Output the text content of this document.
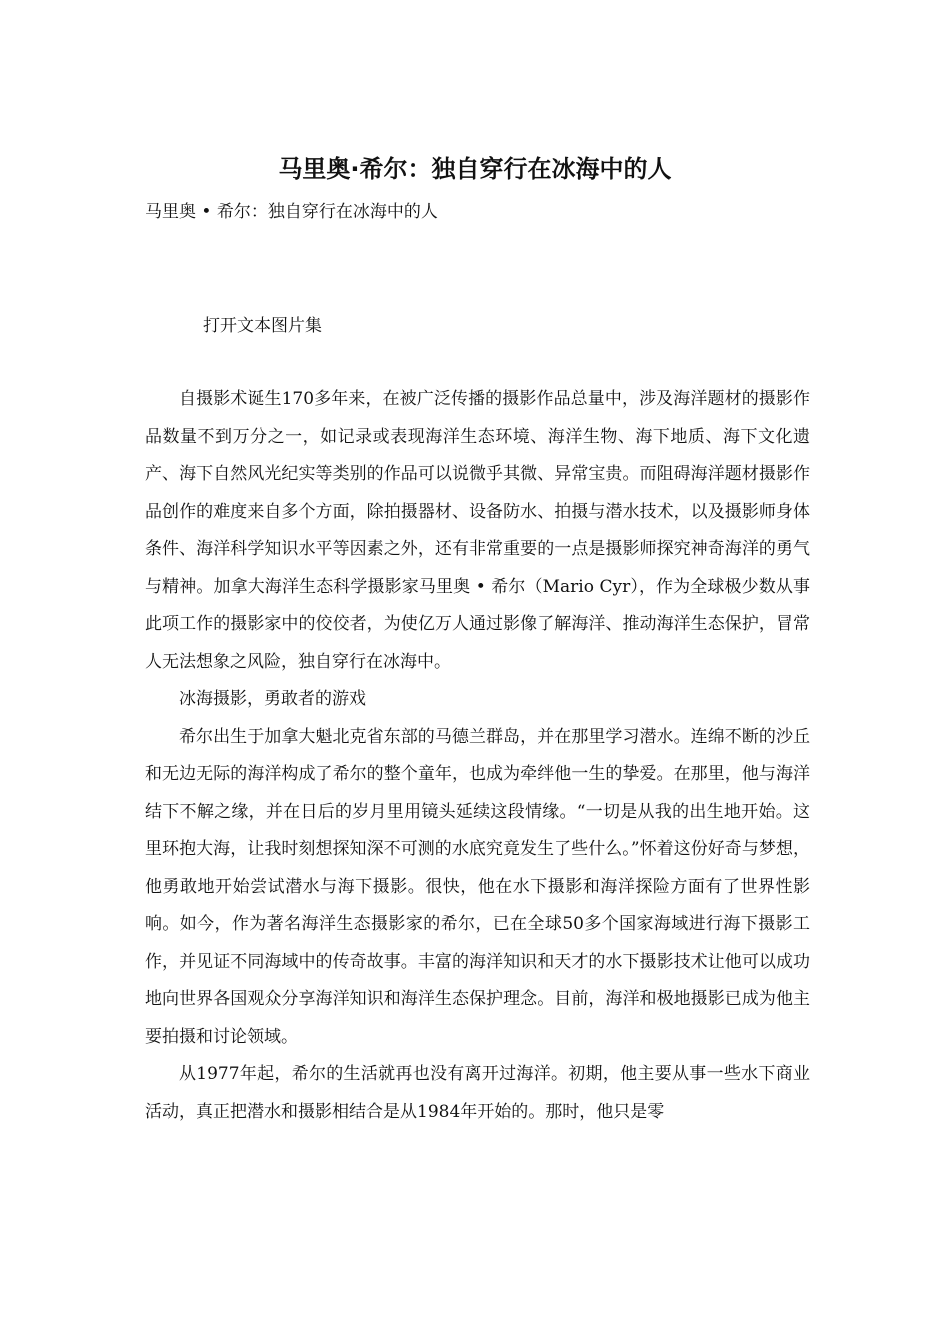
马里奥·希尔：独自穿行在冰海中的人

马里奥 • 希尔：独自穿行在冰海中的人

打开文本图片集

自摄影术诞生170多年来，在被广泛传播的摄影作品总量中，涉及海洋题材的摄影作品数量不到万分之一，如记录或表现海洋生态环境、海洋生物、海下地质、海下文化遗产、海下自然风光纪实等类别的作品可以说微乎其微、异常宝贵。而阻碍海洋题材摄影作品创作的难度来自多个方面，除拍摄器材、设备防水、拍摄与潜水技术，以及摄影师身体条件、海洋科学知识水平等因素之外，还有非常重要的一点是摄影师探究神奇海洋的勇气与精神。加拿大海洋生态科学摄影家马里奥 • 希尔（Mario Cyr），作为全球极少数从事此项工作的摄影家中的佼佼者，为使亿万人通过影像了解海洋、推动海洋生态保护，冒常人无法想象之风险，独自穿行在冰海中。

冰海摄影，勇敢者的游戏

希尔出生于加拿大魁北克省东部的马德兰群岛，并在那里学习潜水。连绵不断的沙丘和无边无际的海洋构成了希尔的整个童年，也成为牵绊他一生的挚爱。在那里，他与海洋结下不解之缘，并在日后的岁月里用镜头延续这段情缘。“一切是从我的出生地开始。这里环抱大海，让我时刻想探知深不可测的水底究竟发生了些什么。”怀着这份好奇与梦想，他勇敢地开始尝试潜水与海下摄影。很快，他在水下摄影和海洋探险方面有了世界性影响。如今，作为著名海洋生态摄影家的希尔，已在全球50多个国家海域进行海下摄影工作，并见证不同海域中的传奇故事。丰富的海洋知识和天才的水下摄影技术让他可以成功地向世界各国观众分享海洋知识和海洋生态保护理念。目前，海洋和极地摄影已成为他主要拍摄和讨论领域。

从1977年起，希尔的生活就再也没有离开过海洋。初期，他主要从事一些水下商业活动，真正把潜水和摄影相结合是从1984年开始的。那时，他只是零
